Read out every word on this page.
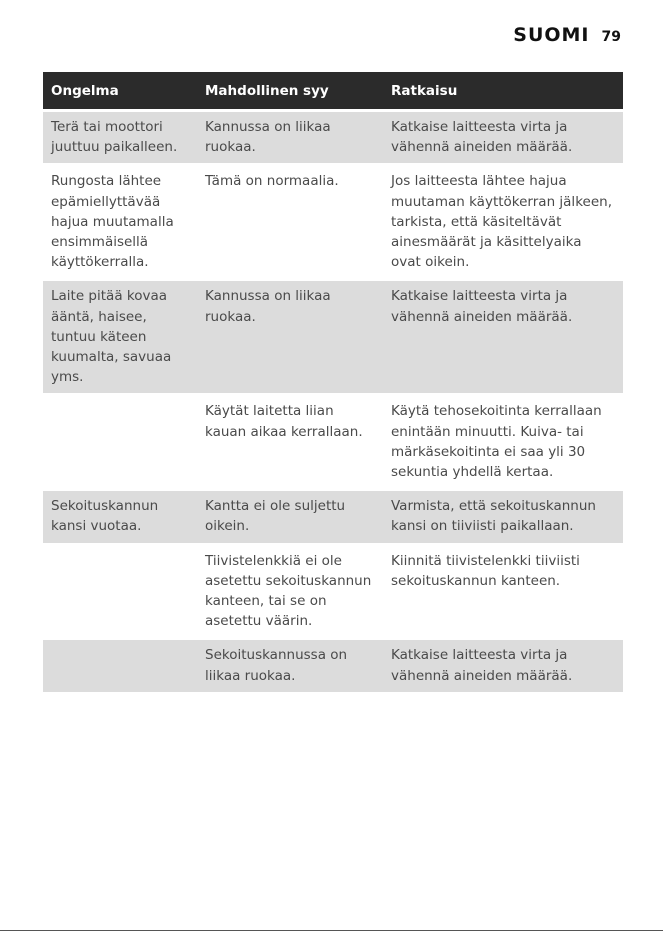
SUOMI 79
Ongelma	Mahdollinen syy	Ratkaisu
Terä tai moottori juuttuu paikalleen.	Kannussa on liikaa ruokaa.	Katkaise laitteesta virta ja vähennä aineiden määrää.
Rungosta lähtee epämiellyttävää hajua muutamalla ensimmäisellä käyttökerralla.	Tämä on normaalia.	Jos laitteesta lähtee hajua muutaman käyttökerran jälkeen, tarkista, että käsiteltävät ainesmäärät ja käsittelyaika ovat oikein.
Laite pitää kovaa ääntä, haisee, tuntuu käteen kuumalta, savuaa yms.	Kannussa on liikaa ruokaa.	Katkaise laitteesta virta ja vähennä aineiden määrää.
	Käytät laitetta liian kauan aikaa kerrallaan.	Käytä tehosekoitinta kerrallaan enintään minuutti. Kuiva- tai märkäsekoitinta ei saa yli 30 sekuntia yhdellä kertaa.
Sekoituskannun kansi vuotaa.	Kantta ei ole suljettu oikein.	Varmista, että sekoituskannun kansi on tiiviisti paikallaan.
	Tiivistelenkkiä ei ole asetettu sekoituskannun kanteen, tai se on asetettu väärin.	Kiinnitä tiivistelenkki tiiviisti sekoituskannun kanteen.
	Sekoituskannussa on liikaa ruokaa.	Katkaise laitteesta virta ja vähennä aineiden määrää.
